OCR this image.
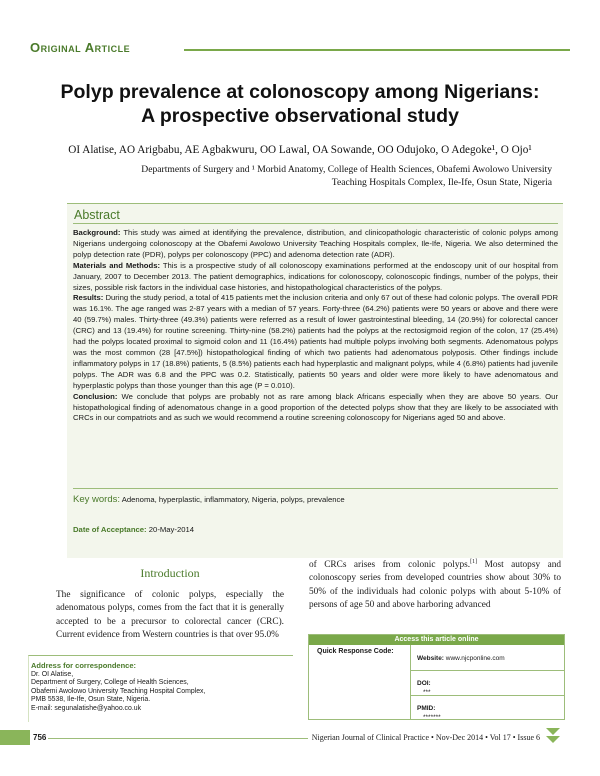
Original Article
Polyp prevalence at colonoscopy among Nigerians:
A prospective observational study
OI Alatise, AO Arigbabu, AE Agbakwuru, OO Lawal, OA Sowande, OO Odujoko, O Adegoke¹, O Ojo¹
Departments of Surgery and ¹ Morbid Anatomy, College of Health Sciences, Obafemi Awolowo University Teaching Hospitals Complex, Ile-Ife, Osun State, Nigeria
Abstract

Background: This study was aimed at identifying the prevalence, distribution, and clinicopathologic characteristic of colonic polyps among Nigerians undergoing colonoscopy at the Obafemi Awolowo University Teaching Hospitals complex, Ile-Ife, Nigeria. We also determined the polyp detection rate (PDR), polyps per colonoscopy (PPC) and adenoma detection rate (ADR).

Materials and Methods: This is a prospective study of all colonoscopy examinations performed at the endoscopy unit of our hospital from January, 2007 to December 2013. The patient demographics, indications for colonoscopy, colonoscopic findings, number of the polyps, their sizes, possible risk factors in the individual case histories, and histopathological characteristics of the polyps.

Results: During the study period, a total of 415 patients met the inclusion criteria and only 67 out of these had colonic polyps. The overall PDR was 16.1%. The age ranged was 2-87 years with a median of 57 years. Forty-three (64.2%) patients were 50 years or above and there were 40 (59.7%) males. Thirty-three (49.3%) patients were referred as a result of lower gastrointestinal bleeding, 14 (20.9%) for colorectal cancer (CRC) and 13 (19.4%) for routine screening. Thirty-nine (58.2%) patients had the polyps at the rectosigmoid region of the colon, 17 (25.4%) had the polyps located proximal to sigmoid colon and 11 (16.4%) patients had multiple polyps involving both segments. Adenomatous polyps was the most common (28 [47.5%]) histopathological finding of which two patients had adenomatous polyposis. Other findings include inflammatory polyps in 17 (18.8%) patients, 5 (8.5%) patients each had hyperplastic and malignant polyps, while 4 (6.8%) patients had juvenile polyps. The ADR was 6.8 and the PPC was 0.2. Statistically, patients 50 years and older were more likely to have adenomatous and hyperplastic polyps than those younger than this age (P = 0.010).

Conclusion: We conclude that polyps are probably not as rare among black Africans especially when they are above 50 years. Our histopathological finding of adenomatous change in a good proportion of the detected polyps show that they are likely to be associated with CRCs in our compatriots and as such we would recommend a routine screening colonoscopy for Nigerians aged 50 and above.

Key words: Adenoma, hyperplastic, inflammatory, Nigeria, polyps, prevalence
Date of Acceptance: 20-May-2014
Introduction

The significance of colonic polyps, especially the adenomatous polyps, comes from the fact that it is generally accepted to be a precursor to colorectal cancer (CRC). Current evidence from Western countries is that over 95.0%

of CRCs arises from colonic polyps.[1] Most autopsy and colonoscopy series from developed countries show about 30% to 50% of the individuals had colonic polyps with about 5-10% of persons of age 50 and above harboring advanced

Access this article online
Quick Response Code:
Website: www.njcponline.com
DOI:
***
PMID:
*******
Address for correspondence:
Dr. OI Alatise,
Department of Surgery, College of Health Sciences,
Obafemi Awolowo University Teaching Hospital Complex,
PMB 5538, Ile-Ife, Osun State, Nigeria.
E-mail: segunalatishe@yahoo.co.uk
756	Nigerian Journal of Clinical Practice • Nov-Dec 2014 • Vol 17 • Issue 6
